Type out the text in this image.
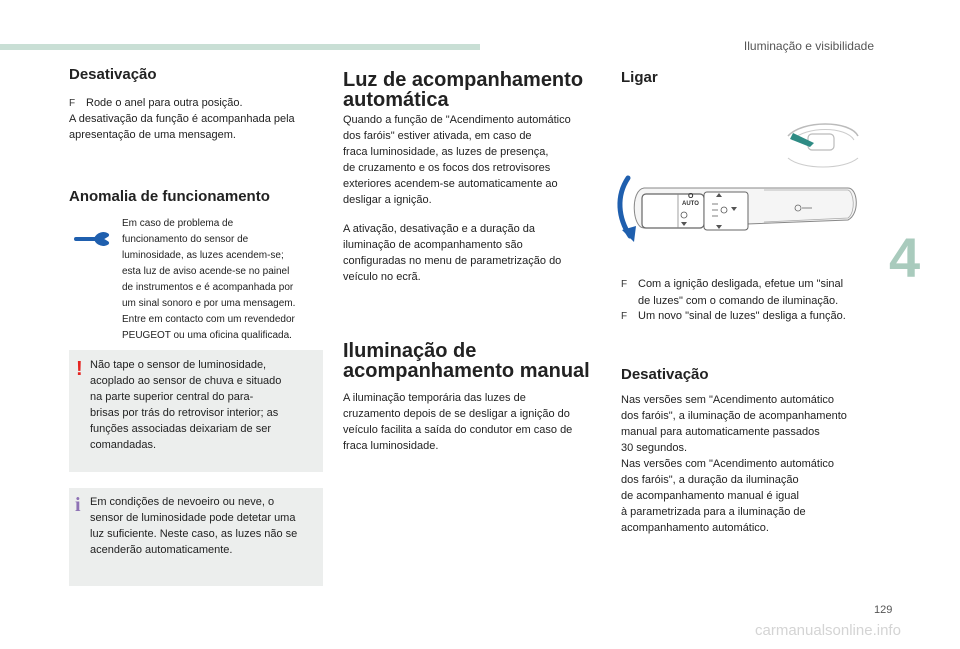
Iluminação e visibilidade
4
Desativação
F Rode o anel para outra posição.

A desativação da função é acompanhada pela

apresentação de uma mensagem.

Anomalia de funcionamento

Em caso de problema de

funcionamento do sensor de

luminosidade, as luzes acendem-se;

esta luz de aviso acende-se no painel

de instrumentos e é acompanhada por

um sinal sonoro e por uma mensagem.

Entre em contacto com um revendedor

PEUGEOT ou uma oficina qualificada.

! Não tape o sensor de luminosidade,

acoplado ao sensor de chuva e situado

na parte superior central do para-

brisas por trás do retrovisor interior; as

funções associadas deixariam de ser

comandadas.

i Em condições de nevoeiro ou neve, o

sensor de luminosidade pode detetar uma

luz suficiente. Neste caso, as luzes não se

acenderão automaticamente.

Luz de acompanhamento
automática

Quando a função de "Acendimento automático

dos faróis" estiver ativada, em caso de

fraca luminosidade, as luzes de presença,

de cruzamento e os focos dos retrovisores

exteriores acendem-se automaticamente ao

desligar a ignição.

A ativação, desativação e a duração da

iluminação de acompanhamento são

configuradas no menu de parametrização do

veículo no ecrã.

Iluminação de
acompanhamento manual

A iluminação temporária das luzes de

cruzamento depois de se desligar a ignição do

veículo facilita a saída do condutor em caso de

fraca luminosidade.

Ligar
AUTO
O
F Com a ignição desligada, efetue um "sinal
de luzes" com o comando de iluminação.
F Um novo "sinal de luzes" desliga a função.
Desativação

Nas versões sem "Acendimento automático

dos faróis", a iluminação de acompanhamento

manual para automaticamente passados

30 segundos.

Nas versões com "Acendimento automático

dos faróis", a duração da iluminação

de acompanhamento manual é igual

à parametrizada para a iluminação de

acompanhamento automático.

129
carmanualsonline.info
